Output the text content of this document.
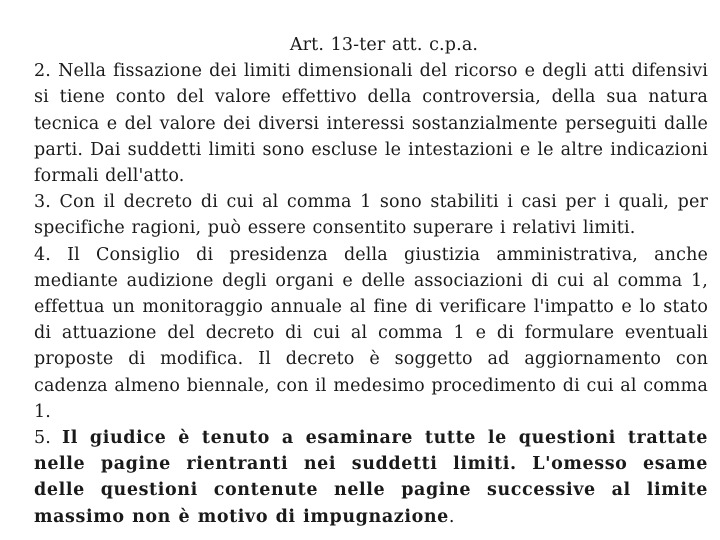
Art. 13-ter att. c.p.a.

2. Nella fissazione dei limiti dimensionali del ricorso e degli atti difensivi si tiene conto del valore effettivo della controversia, della sua natura tecnica e del valore dei diversi interessi sostanzialmente perseguiti dalle parti. Dai suddetti limiti sono escluse le intestazioni e le altre indicazioni formali dell'atto.

3. Con il decreto di cui al comma 1 sono stabiliti i casi per i quali, per specifiche ragioni, può essere consentito superare i relativi limiti.

4. Il Consiglio di presidenza della giustizia amministrativa, anche mediante audizione degli organi e delle associazioni di cui al comma 1, effettua un monitoraggio annuale al fine di verificare l'impatto e lo stato di attuazione del decreto di cui al comma 1 e di formulare eventuali proposte di modifica. Il decreto è soggetto ad aggiornamento con cadenza almeno biennale, con il medesimo procedimento di cui al comma 1.

5. Il giudice è tenuto a esaminare tutte le questioni trattate nelle pagine rientranti nei suddetti limiti. L'omesso esame delle questioni contenute nelle pagine successive al limite massimo non è motivo di impugnazione.
